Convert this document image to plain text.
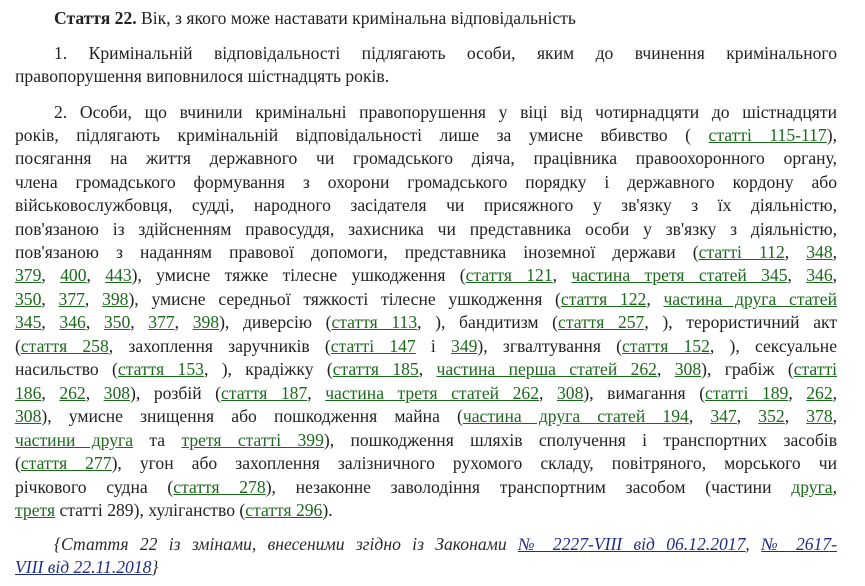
Стаття 22. Вік, з якого може наставати кримінальна відповідальність
1. Кримінальній відповідальності підлягають особи, яким до вчинення кримінального
правопорушення виповнилося шістнадцять років.
2. Особи, що вчинили кримінальні правопорушення у віці від чотирнадцяти до шістнадцяти
років, підлягають кримінальній відповідальності лише за умисне вбивство ( статті 115-117),
посягання на життя державного чи громадського діяча, працівника правоохоронного органу,
члена громадського формування з охорони громадського порядку і державного кордону або
військовослужбовця, судді, народного засідателя чи присяжного у зв'язку з їх діяльністю,
пов'язаною із здійсненням правосуддя, захисника чи представника особи у зв'язку з діяльністю,
пов'язаною з наданням правової допомоги, представника іноземної держави (статті 112, 348,
379, 400, 443), умисне тяжке тілесне ушкодження (стаття 121, частина третя статей 345, 346,
350, 377, 398), умисне середньої тяжкості тілесне ушкодження (стаття 122, частина друга статей
345, 346, 350, 377, 398), диверсію (стаття 113, ), бандитизм (стаття 257, ), терористичний акт
(стаття 258, захоплення заручників (статті 147 і 349), згвалтування (стаття 152, ), сексуальне
насильство (стаття 153, ), крадіжку (стаття 185, частина перша статей 262, 308), грабіж (статті
186, 262, 308), розбій (стаття 187, частина третя статей 262, 308), вимагання (статті 189, 262,
308), умисне знищення або пошкодження майна (частина друга статей 194, 347, 352, 378,
частини друга та третя статті 399), пошкодження шляхів сполучення і транспортних засобів
(стаття 277), угон або захоплення залізничного рухомого складу, повітряного, морського чи
річкового судна (стаття 278), незаконне заволодіння транспортним засобом (частини друга,
третя статті 289), хуліганство (стаття 296).
{Стаття 22 із змінами, внесеними згідно із Законами № 2227-VIII від 06.12.2017, № 2617-
VIII від 22.11.2018}
